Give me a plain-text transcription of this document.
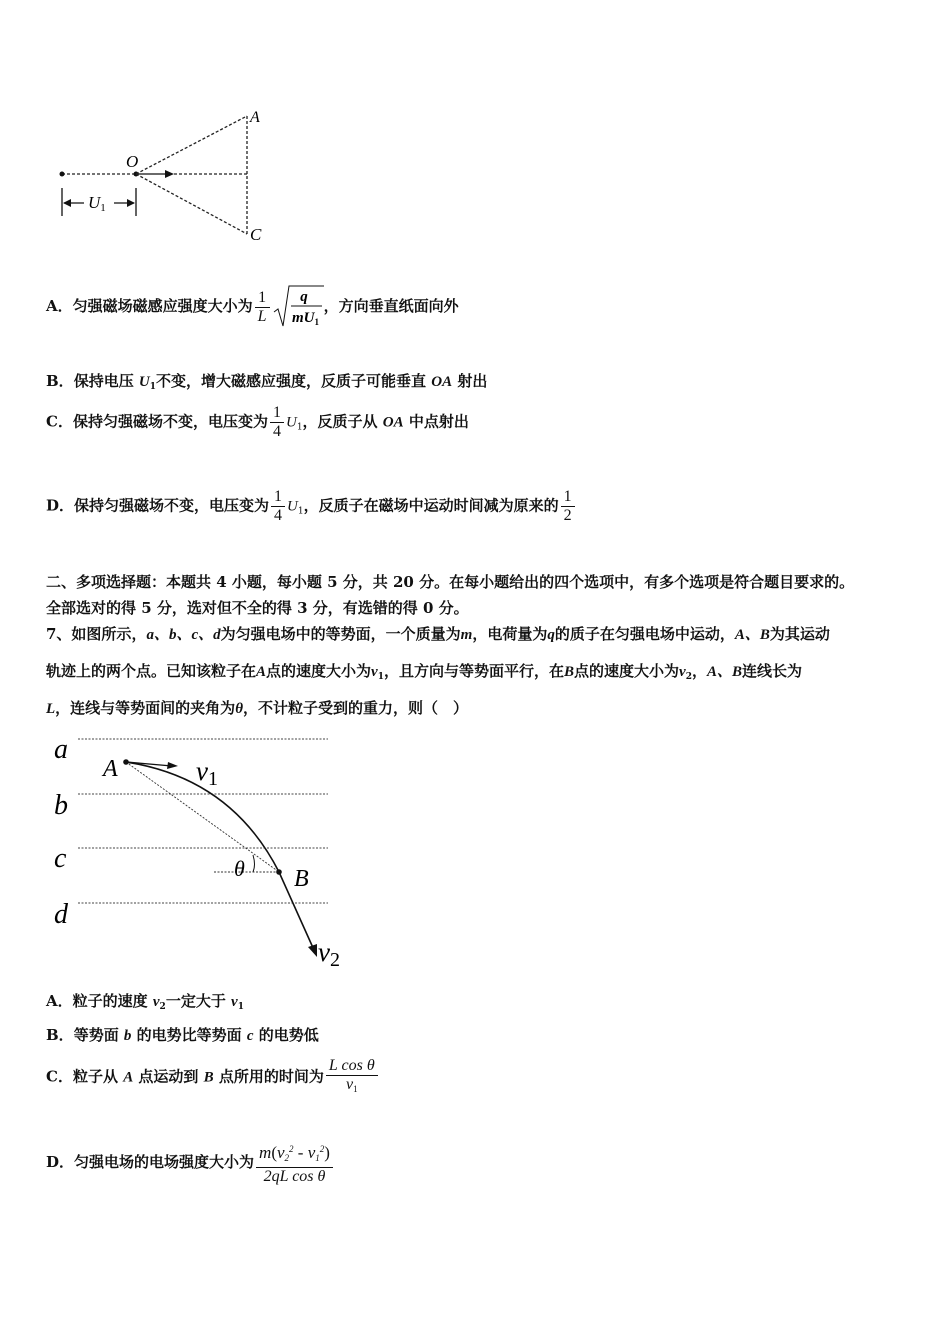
A
O
C
U1
A．匀强磁场磁感应强度大小为 $\frac{1}{L}$ q
$mU_1$
，方向垂直纸面向外
B．保持电压 $U_1$不变，增大磁感应强度，反质子可能垂直 OA 射出
C．保持匀强磁场不变，电压变为 $\frac{1}{4} U_1$，反质子从 OA 中点射出
D．保持匀强磁场不变，电压变为 $\frac{1}{4} U_1$，反质子在磁场中运动时间减为原来的 $\frac{1}{2}$
二、多项选择题：本题共 4 小题，每小题 5 分，共 20 分。在每小题给出的四个选项中，有多个选项是符合题目要求的。
全部选对的得 5 分，选对但不全的得 3 分，有选错的得 0 分。
7、如图所示，a、b、c、d为匀强电场中的等势面，一个质量为m，电荷量为q的质子在匀强电场中运动，A、B为其运动
轨迹上的两个点。已知该粒子在A点的速度大小为$v_1$，且方向与等势面平行，在B点的速度大小为$v_2$，A、B连线长为
L，连线与等势面间的夹角为θ，不计粒子受到的重力，则（　）
a
b
c
d
A
B
θ
v1
v2
A．粒子的速度 $v_2$一定大于 $v_1$
B．等势面 b 的电势比等势面 c 的电势低
C．粒子从 A 点运动到 B 点所用的时间为 $\frac{\text{L cos θ}}{v_1}$
D．匀强电场的电场强度大小为 $\frac{m(v_2^2 - v_1^2)}{\text{2qL cos θ}}$
